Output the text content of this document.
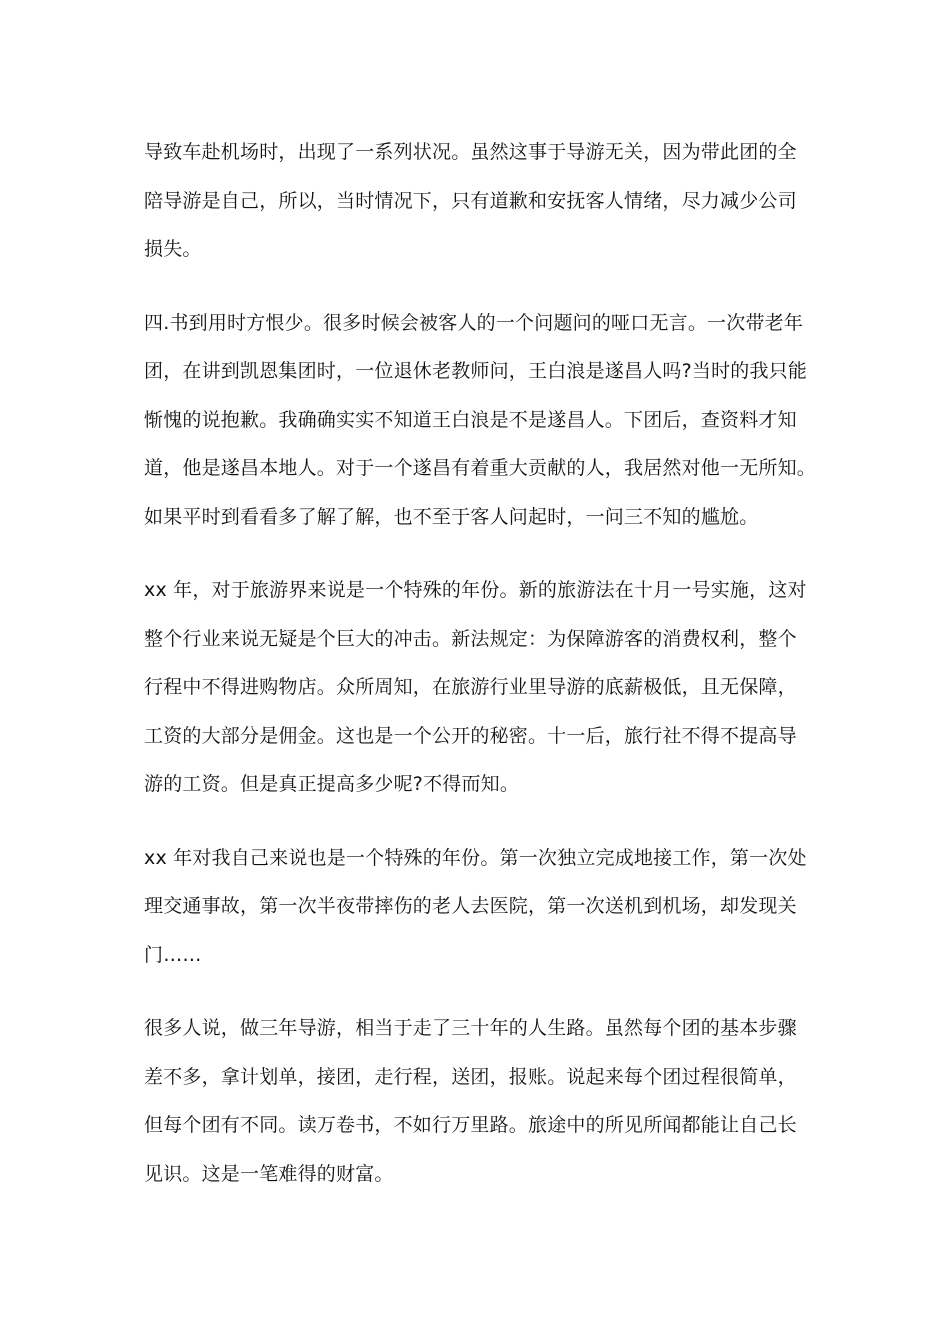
导致车赴机场时，出现了一系列状况。虽然这事于导游无关，因为带此团的全
陪导游是自己，所以，当时情况下，只有道歉和安抚客人情绪，尽力减少公司
损失。

四.书到用时方恨少。很多时候会被客人的一个问题问的哑口无言。一次带老年
团，在讲到凯恩集团时，一位退休老教师问，王白浪是遂昌人吗?当时的我只能
惭愧的说抱歉。我确确实实不知道王白浪是不是遂昌人。下团后，查资料才知
道，他是遂昌本地人。对于一个遂昌有着重大贡献的人，我居然对他一无所知。
如果平时到看看多了解了解，也不至于客人问起时，一问三不知的尴尬。

xx 年，对于旅游界来说是一个特殊的年份。新的旅游法在十月一号实施，这对
整个行业来说无疑是个巨大的冲击。新法规定：为保障游客的消费权利，整个
行程中不得进购物店。众所周知，在旅游行业里导游的底薪极低，且无保障，
工资的大部分是佣金。这也是一个公开的秘密。十一后，旅行社不得不提高导
游的工资。但是真正提高多少呢?不得而知。

xx 年对我自己来说也是一个特殊的年份。第一次独立完成地接工作，第一次处
理交通事故，第一次半夜带摔伤的老人去医院，第一次送机到机场，却发现关
门……

很多人说，做三年导游，相当于走了三十年的人生路。虽然每个团的基本步骤
差不多，拿计划单，接团，走行程，送团，报账。说起来每个团过程很简单，
但每个团有不同。读万卷书，不如行万里路。旅途中的所见所闻都能让自己长
见识。这是一笔难得的财富。
